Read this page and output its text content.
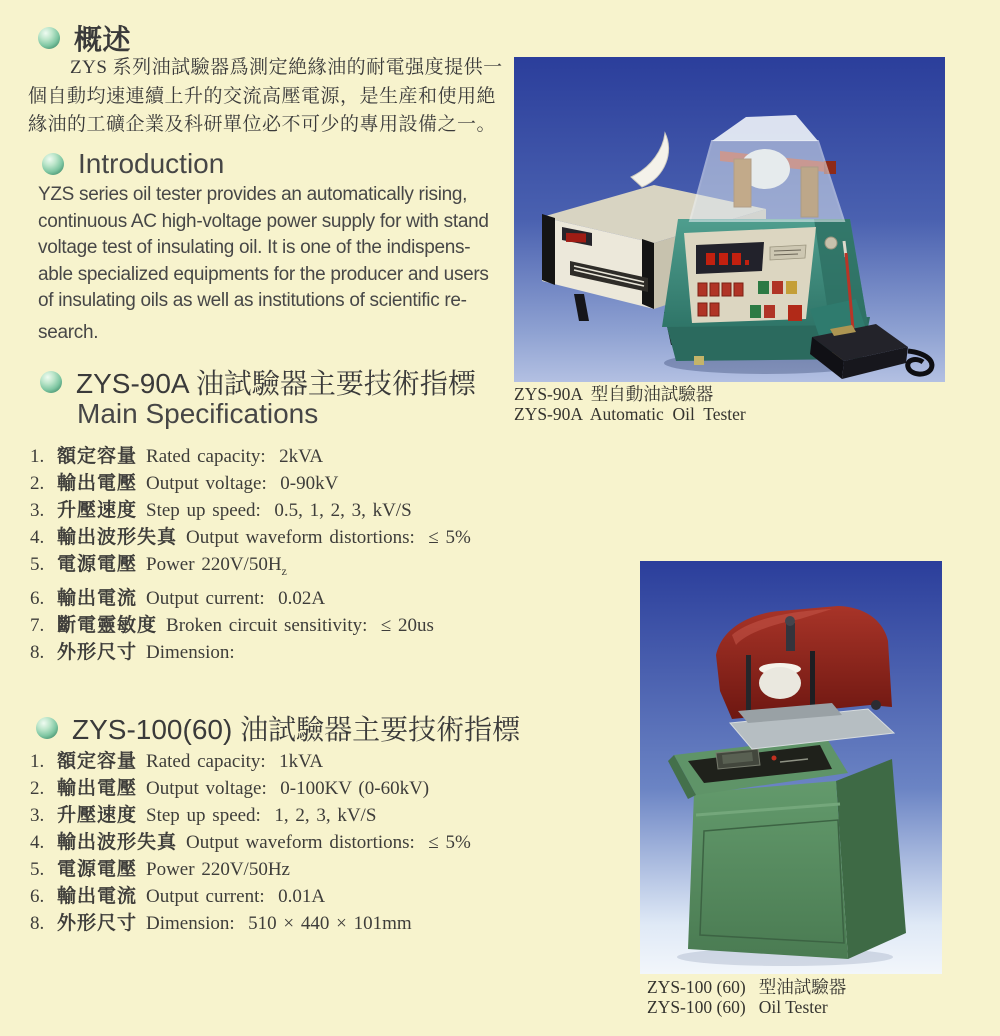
概述
ZYS 系列油試驗器爲測定絶緣油的耐電强度提供一
個自動均速連續上升的交流高壓電源，是生産和使用絶
緣油的工礦企業及科研單位必不可少的專用設備之一。
Introduction
YZS series oil tester provides an automatically rising,
continuous AC high-voltage power supply for with stand
voltage test of insulating oil. It is one of the indispens-
able specialized equipments for the producer and users
of insulating oils as well as institutions of scientific re-
search.
ZYS-90A 油試驗器主要技術指標
Main Specifications
1. 額定容量 Rated capacity:  2kVA
2. 輸出電壓 Output voltage:  0-90kV
3. 升壓速度 Step up speed:  0.5, 1, 2, 3, kV/S
4. 輸出波形失真 Output waveform distortions:  ≤ 5%
5. 電源電壓 Power $220V/50H_z$
6. 輸出電流 Output current:  0.02A
7. 斷電靈敏度 Broken circuit sensitivity:  ≤ 20us
8. 外形尺寸 Dimension:
ZYS-100(60) 油試驗器主要技術指標
1. 額定容量 Rated capacity:  1kVA
2. 輸出電壓 Output voltage:  0-100KV (0-60kV)
3. 升壓速度 Step up speed:  1, 2, 3, kV/S
4. 輸出波形失真 Output waveform distortions:  ≤ 5%
5. 電源電壓 Power 220V/50Hz
6. 輸出電流 Output current:  0.01A
8. 外形尺寸 Dimension:  510 × 440 × 101mm
ZYS-90A  型自動油試驗器
ZYS-90A  Automatic  Oil  Tester
ZYS-100 (60)   型油試驗器
ZYS-100 (60)   Oil Tester
